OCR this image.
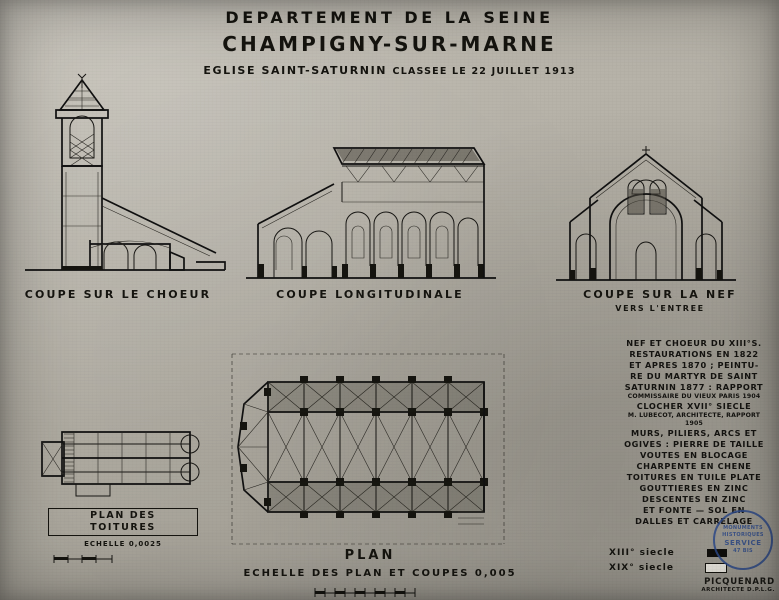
DEPARTEMENT DE LA SEINE
CHAMPIGNY-SUR-MARNE
EGLISE SAINT-SATURNIN CLASSEE LE 22 JUILLET 1913
COUPE SUR LE CHOEUR	COUPE LONGITUDINALE	COUPE SUR LA NEF
VERS L'ENTREE
PLAN DES TOITURES
ECHELLE 0,0025
PLAN
ECHELLE DES PLAN ET COUPES 0,005
NEF ET CHOEUR DU XIII°S.
RESTAURATIONS EN 1822
ET APRES 1870 ; PEINTU-
RE DU MARTYR DE SAINT
SATURNIN 1877 : RAPPORT
COMMISSAIRE DU VIEUX PARIS 1904
CLOCHER XVII° SIECLE
M. LUBECOT, ARCHITECTE, RAPPORT 1905
MURS, PILIERS, ARCS ET
OGIVES : PIERRE DE TAILLE
VOUTES EN BLOCAGE
CHARPENTE EN CHENE
TOITURES EN TUILE PLATE
GOUTTIERES EN ZINC
DESCENTES EN ZINC
ET FONTE — SOL EN
DALLES ET CARRELAGE
XIII° siecle
XIX° siecle
MONUMENTS HISTORIQUES
SERVICE
47 BIS
PICQUENARD
ARCHITECTE D.P.L.G.
